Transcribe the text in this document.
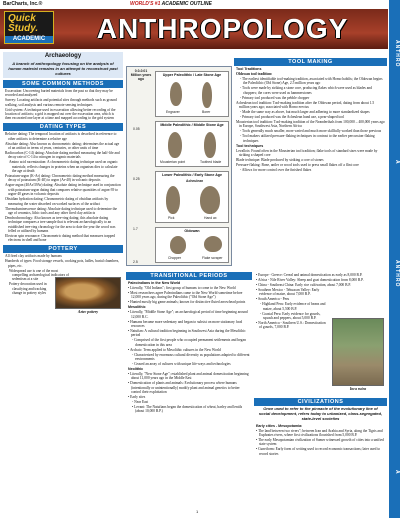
BarCharts, Inc.®	WORLD'S #1 ACADEMIC OUTLINE
Quick
Study.
ACADEMIC	ANTHROPOLOGY
ANTHRO
A
ANTHRO
A
Archaeology
A branch of anthropology focusing on the analysis of human material remains in an attempt to reconstruct past cultures
SOME COMMON METHODS

Excavation: Uncovering buried materials from the past so that they may be recorded and analyzed

Survey: Locating artifacts and potential sites through methods such as ground walking, soil analysis and various remote sensing techniques

Grid system: A technique used in excavation allowing better recording of the location of artifacts; a grid is mapped out over the excavation area, which is then excavated one layer at a time and mapped according to the grid system

DATING TYPES

Relative dating: The temporal location of artifacts is described in reference to other artifacts to determine a relative age

Absolute dating: Also known as chronometric dating; determines the actual age of an artifact in terms of years, centuries, or other units of time

Radiocarbon (C-14) dating: Absolute dating method measuring the half-life and decay rate of C-14 to nitrogen in organic materials

Amino acid racemization: A chronometric dating technique used on organic materials; reflects changes in proteins when an organism dies to calculate the age at death

Potassium-argon (K-Ar) dating: Chronometric dating method measuring the decay of potassium (K-40) to argon (Ar-40) in volcanic deposits

Argon-argon (40Ar/39Ar) dating: Absolute dating technique used in conjunction with potassium-argon dating that compares relative quantities of argon-39 to argon-40 gases in volcanic deposits

Obsidian hydration dating: Chronometric dating of obsidian artifacts by measuring the water absorbed on worked surfaces of the artifact

Thermoluminescence dating: Absolute dating technique used to determine the age of ceramics, lithic tools and any other fired clay artifacts

Dendrochronology: Also known as tree-ring dating; this absolute dating technique compares a tree sample that is relevant archaeologically to an established tree-ring chronology for the area to date the year the wood was felled or utilized by humans

Electron spin resonance: Chronometric dating method that measures trapped electrons in shell and bone

POTTERY

All fired clay artifacts made by humans

Hundreds of types: Food storage vessels, cooking pots, ladles, burial chambers, pipes, etc.

Widespread use is one of the most compelling archaeological indicators of sedentism at a site

Pottery decoration used in classifying and tracking change in pottery styles

Aztec pottery
0.0-0.01 Million years ago
0.05
0.25
1.7
2.5
Upper Paleolithic / Late Stone Age
Engraver	Borer
Middle Paleolithic / Middle Stone Age
Mousterian point	Toothed blade
Lower Paleolithic / Early Stone Age
Acheulean
Pick	Hand ax
Oldowan
Chopper	Flake scraper
TOOL MAKING

Tool Traditions

Oldowan tool tradition:

- The earliest identifiable tool-making tradition, associated with Homo habilis; the Oldowan begins the Paleolithic (Old Stone) Age, 2.5 million years ago

- Tools were made by striking a stone core, producing flakes which were used as blades and choppers; the cores were used as hammerstones

- Primary tool produced was the pebble chopper

Acheulean tool tradition: Tool-making tradition after the Oldowan period, dating from about 1.5 million years ago; associated with Homo erectus

- Made the same way as above, but much larger and adhering to more standardized shapes

- Primary tool produced was the Acheulean hand axe, a pear-shaped tool

Mousterian tool tradition: Tool-making tradition of the Neanderthals from 100,000 – 400,000 years ago in Europe, Southwest Asia, Northern Africa

- Tools generally much smaller, more varied and much more skillfully worked than those previous

- Tool makers utilized pressure-flaking techniques in contrast to the earlier percussion-flaking techniques

Tool techniques

Levallois: Found often in the Mousterian tool tradition; flake tools of standard sizes were made by striking a shaped core

Blade technique: Blade produced by striking a core of stones

Pressure-flaking: Bone, antler or wood tools used to press small flakes off a flint core

- Allows for more control over the finished flakes

TRANSITIONAL PERIODS

Paleoindians in the New World

• Literally, "Old Indians"; first group of humans to come to the New World

• Most researchers agree Paleoindians came to the New World sometime before 12,000 years ago, during the Paleolithic ("Old Stone Age")

• Hunted mostly big game animals; known for distinctive fluted arrowhead points

Mesolithic

• Literally, "Middle Stone Age"; an archaeological period of time beginning around 12,000 B.C.

• Humans became more sedentary and began to subsist on more stationary food resources

• Natufian: A cultural tradition beginning in Southwest Asia during the Mesolithic period

- Comprised of the first people who occupied permanent settlements and began domestication in this area

• Archaic: Term applied to Mesolithic cultures in the New World

- Characterized by enormous cultural diversity as populations adapted to different environments

- Ceased an array of cultures with unique life-ways and technologies

Neolithic

• Literally, "New Stone Age"; established plant and animal domestication beginning about 11,000 years ago in the Middle East

• Domestication of plants and animals: Evolutionary process where humans (intentionally or unintentionally) modify plant and animal genetics to better control their exploitation

• Early sites

- Near East

• Levant: The Natufians began the domestication of wheat, barley and lentils (about 10,000 B.P.)

• Europe - Greece: Cereal and animal domestication as early as 8,000 B.P.

• Africa - Nile River Valley: Sheep and goat domestication from 8,000 B.P.

• China - Southeast China: Early rice cultivation, about 7,000 B.P.

• Southern Mexico - Tehuacan Valley: Early evidence of maize, about 7,000 B.P.

• South America - Peru

- Highland Peru: Early evidence of beans and maize, about 5,500 B.P.

- Coastal Peru: Early evidence for gourds, squash and peppers, about 5,000 B.P.

• North America - Southern U.S.: Domestication of gourds, 7,000 B.P.

Inca ruins
CIVILIZATIONS
Once used to refer to the pinnacle of the evolutionary line of social development, refers today to urbanized, class-segregated, state-level societies

Early cities - Mesopotamia:

• The land between two rivers"; between Iran and Arabia and Syria, along the Tigris and Euphrates rivers, where first civilizations flourished from 5,000 B.P.

• The early Mesopotamian civilization of Sumer witnessed growth of cities into a unified state system

• Cuneiform: Early form of writing used to record economic transactions; later used to record stories

1
